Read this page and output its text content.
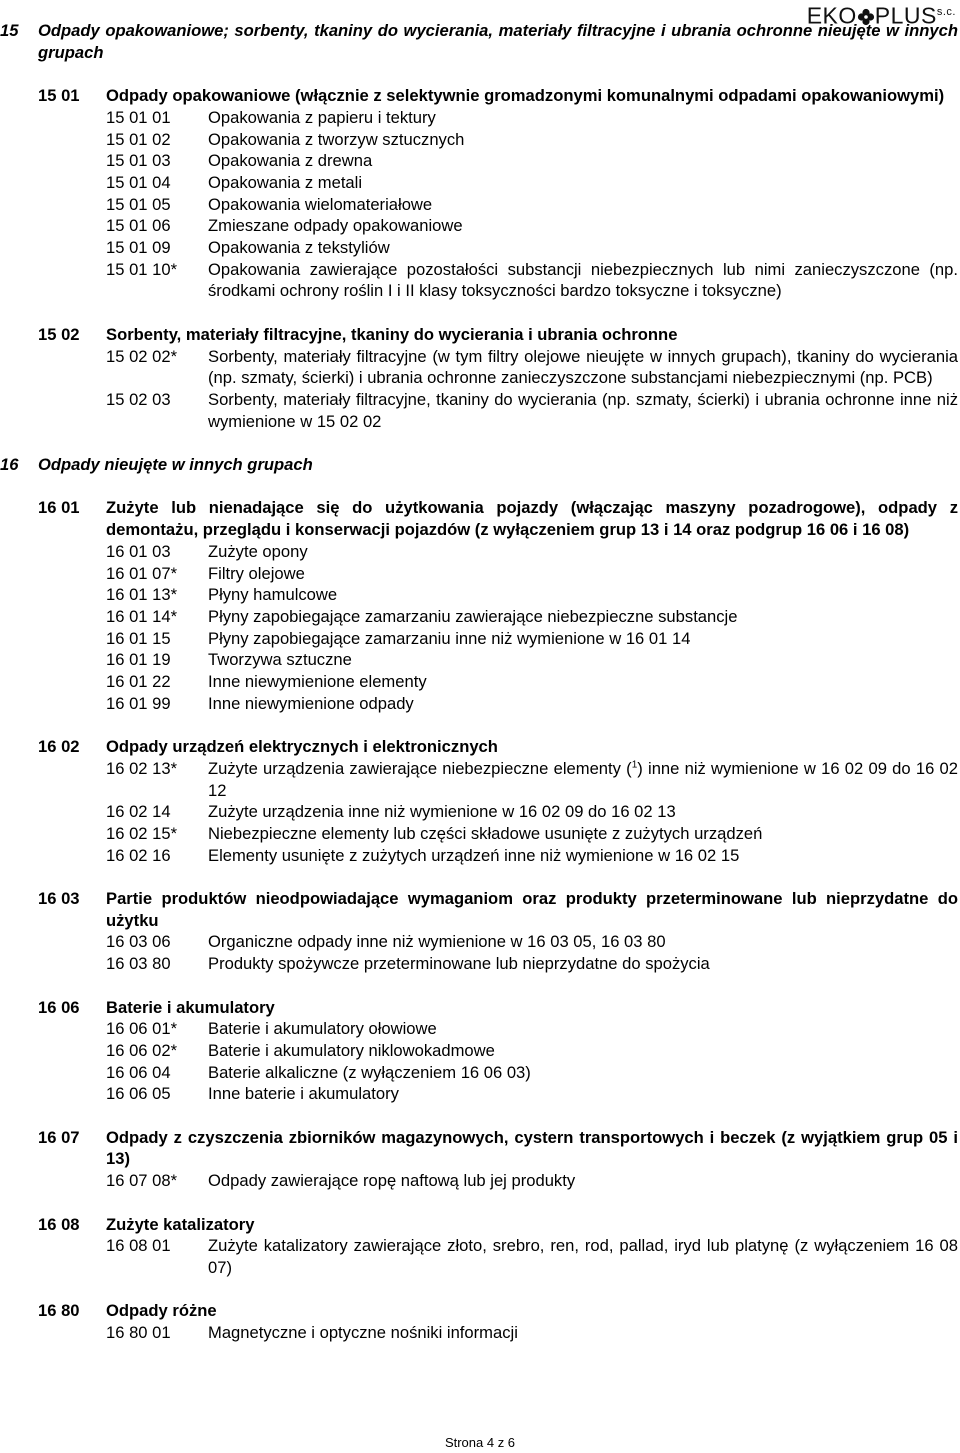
EKO $PLUS^{s.c.}$
15	Odpady opakowaniowe; sorbenty, tkaniny do wycierania, materiały filtracyjne i ubrania ochronne nieujęte w innych grupach
15 01	Odpady opakowaniowe (włącznie z selektywnie gromadzonymi komunalnymi odpadami opakowaniowymi)
15 01 01	Opakowania z papieru i tektury
15 01 02	Opakowania z tworzyw sztucznych
15 01 03	Opakowania z drewna
15 01 04	Opakowania z metali
15 01 05	Opakowania wielomateriałowe
15 01 06	Zmieszane odpady opakowaniowe
15 01 09	Opakowania z tekstyliów
15 01 10*	Opakowania zawierające pozostałości substancji niebezpiecznych lub nimi zanieczyszczone (np. środkami ochrony roślin I i II klasy toksyczności bardzo toksyczne i toksyczne)
15 02	Sorbenty, materiały filtracyjne, tkaniny do wycierania i ubrania ochronne
15 02 02*	Sorbenty, materiały filtracyjne (w tym filtry olejowe nieujęte w innych grupach), tkaniny do wycierania (np. szmaty, ścierki) i ubrania ochronne zanieczyszczone substancjami niebezpiecznymi (np. PCB)
15 02 03	Sorbenty, materiały filtracyjne, tkaniny do wycierania (np. szmaty, ścierki) i ubrania ochronne inne niż wymienione w 15 02 02
16	Odpady nieujęte w innych grupach
16 01	Zużyte lub nienadające się do użytkowania pojazdy (włączając maszyny pozadrogowe), odpady z demontażu, przeglądu i konserwacji pojazdów (z wyłączeniem grup 13 i 14 oraz podgrup 16 06 i 16 08)
16 01 03	Zużyte opony
16 01 07*	Filtry olejowe
16 01 13*	Płyny hamulcowe
16 01 14*	Płyny zapobiegające zamarzaniu zawierające niebezpieczne substancje
16 01 15	Płyny zapobiegające zamarzaniu inne niż wymienione w 16 01 14
16 01 19	Tworzywa sztuczne
16 01 22	Inne niewymienione elementy
16 01 99	Inne niewymienione odpady
16 02	Odpady urządzeń elektrycznych i elektronicznych
16 02 13*	Zużyte urządzenia zawierające niebezpieczne elementy ($^1$) inne niż wymienione w 16 02 09 do 16 02 12
16 02 14	Zużyte urządzenia inne niż wymienione w 16 02 09 do 16 02 13
16 02 15*	Niebezpieczne elementy lub części składowe usunięte z zużytych urządzeń
16 02 16	Elementy usunięte z zużytych urządzeń inne niż wymienione w 16 02 15
16 03	Partie produktów nieodpowiadające wymaganiom oraz produkty przeterminowane lub nieprzydatne do użytku
16 03 06	Organiczne odpady inne niż wymienione w 16 03 05, 16 03 80
16 03 80	Produkty spożywcze przeterminowane lub nieprzydatne do spożycia
16 06	Baterie i akumulatory
16 06 01*	Baterie i akumulatory ołowiowe
16 06 02*	Baterie i akumulatory niklowokadmowe
16 06 04	Baterie alkaliczne (z wyłączeniem 16 06 03)
16 06 05	Inne baterie i akumulatory
16 07	Odpady z czyszczenia zbiorników magazynowych, cystern transportowych i beczek (z wyjątkiem grup 05 i 13)
16 07 08*	Odpady zawierające ropę naftową lub jej produkty
16 08	Zużyte katalizatory
16 08 01	Zużyte katalizatory zawierające złoto, srebro, ren, rod, pallad, iryd lub platynę (z wyłączeniem 16 08 07)
16 80	Odpady różne
16 80 01	Magnetyczne i optyczne nośniki informacji
Strona 4 z 6
